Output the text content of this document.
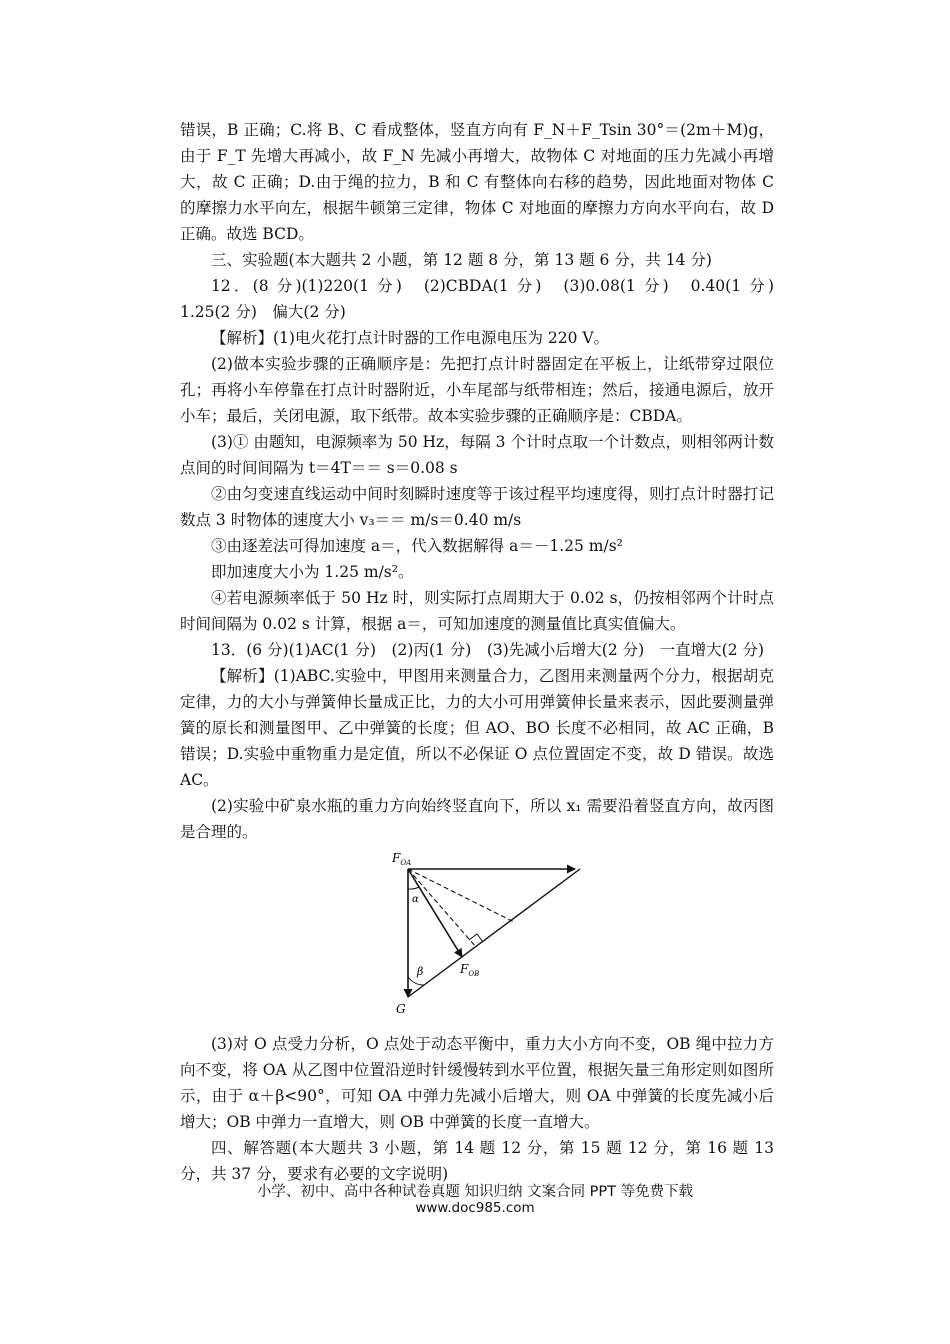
错误，B 正确；C.将 B、C 看成整体，竖直方向有 F_N＋F_Tsin 30°＝(2m＋M)g，由于 F_T 先增大再减小，故 F_N 先减小再增大，故物体 C 对地面的压力先减小再增大，故 C 正确；D.由于绳的拉力，B 和 C 有整体向右移的趋势，因此地面对物体 C 的摩擦力水平向左，根据牛顿第三定律，物体 C 对地面的摩擦力方向水平向右，故 D 正确。故选 BCD。

三、实验题(本大题共 2 小题，第 12 题 8 分，第 13 题 6 分，共 14 分)

12．(8 分)(1)220(1 分)　(2)CBDA(1 分)　(3)0.08(1 分)　0.40(1 分)　1.25(2 分)　偏大(2 分)

【解析】(1)电火花打点计时器的工作电源电压为 220 V。

(2)做本实验步骤的正确顺序是：先把打点计时器固定在平板上，让纸带穿过限位孔；再将小车停靠在打点计时器附近，小车尾部与纸带相连；然后，接通电源后，放开小车；最后，关闭电源，取下纸带。故本实验步骤的正确顺序是：CBDA。

(3)① 由题知，电源频率为 50 Hz，每隔 3 个计时点取一个计数点，则相邻两计数点间的时间间隔为 t＝4T＝＝ s＝0.08 s

②由匀变速直线运动中间时刻瞬时速度等于该过程平均速度得，则打点计时器打记数点 3 时物体的速度大小 v₃＝＝ m/s＝0.40 m/s

③由逐差法可得加速度 a＝，代入数据解得 a＝－1.25 m/s²

即加速度大小为 1.25 m/s²。

④若电源频率低于 50 Hz 时，则实际打点周期大于 0.02 s，仍按相邻两个计时点时间间隔为 0.02 s 计算，根据 a＝，可知加速度的测量值比真实值偏大。

13．(6 分)(1)AC(1 分)　(2)丙(1 分)　(3)先减小后增大(2 分)　一直增大(2 分)

【解析】(1)ABC.实验中，甲图用来测量合力，乙图用来测量两个分力，根据胡克定律，力的大小与弹簧伸长量成正比，力的大小可用弹簧伸长量来表示，因此要测量弹簧的原长和测量图甲、乙中弹簧的长度；但 AO、BO 长度不必相同，故 AC 正确，B 错误；D.实验中重物重力是定值，所以不必保证 O 点位置固定不变，故 D 错误。故选 AC。

(2)实验中矿泉水瓶的重力方向始终竖直向下，所以 x₁ 需要沿着竖直方向，故丙图是合理的。

$F_{OA}$
α
β	$F_{OB}$
G

(3)对 O 点受力分析，O 点处于动态平衡中，重力大小方向不变，OB 绳中拉力方向不变，将 OA 从乙图中位置沿逆时针缓慢转到水平位置，根据矢量三角形定则如图所示，由于 α＋β<90°，可知 OA 中弹力先减小后增大，则 OA 中弹簧的长度先减小后增大；OB 中弹力一直增大，则 OB 中弹簧的长度一直增大。

四、解答题(本大题共 3 小题，第 14 题 12 分，第 15 题 12 分，第 16 题 13 分，共 37 分，要求有必要的文字说明)

小学、初中、高中各种试卷真题 知识归纳 文案合同 PPT 等免费下载
www.doc985.com
